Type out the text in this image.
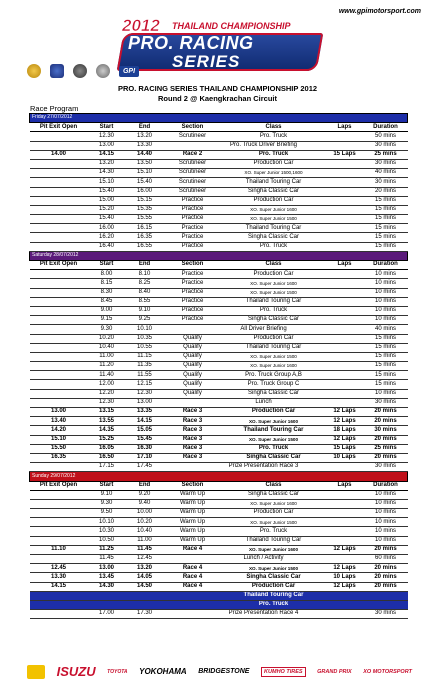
www.gpimotorsport.com
2012 THAILAND CHAMPIONSHIP
PRO. RACING
SERIES
GPI
PRO. RACING SERIES THAILAND CHAMPIONSHIP 2012
Round 2 @ Kaengkrachan Circuit
Race Program
Friday 27/07/2012						
Pit Exit Open	Start	End	Section	Class	Laps	Duration
	12.30	13.20	Scrutineer	Pro. Truck		50 mins
	13.00	13.30	Pro. Truck Driver Briefing			30 mins
14.00	14.15	14.40	Race 2	Pro. Truck	15 Laps	25 mins
	13.20	13.50	Scrutineer	Production Car		30 mins
	14.30	15.10	Scrutineer	XO. Super Junior 1500,1600		40 mins
	15.10	15.40	Scrutineer	Thailand Touring Car		30 mins
	15.40	16.00	Scrutineer	Singha Classic Car		20 mins
	15.00	15.15	Practice	Production Car		15 mins
	15.20	15.35	Practice	XO. Super Junior 1600		15 mins
	15.40	15.55	Practice	XO. Super Junior 1500		15 mins
	16.00	16.15	Practice	Thailand Touring Car		15 mins
	16.20	16.35	Practice	Singha Classic Car		15 mins
	16.40	16.55	Practice	Pro. Truck		15 mins
Saturday 28/07/2012						
Pit Exit Open	Start	End	Section	Class	Laps	Duration
	8.00	8.10	Practice	Production Car		10 mins
	8.15	8.25	Practice	XO. Super Junior 1600		10 mins
	8.30	8.40	Practice	XO. Super Junior 1500		10 mins
	8.45	8.55	Practice	Thailand Touring Car		10 mins
	9.00	9.10	Practice	Pro. Truck		10 mins
	9.15	9.25	Practice	Singha Classic Car		10 mins
	9.30	10.10	All Driver Briefing			40 mins
	10.20	10.35	Qualify	Production Car		15 mins
	10.40	10.55	Qualify	Thailand Touring Car		15 mins
	11.00	11.15	Qualify	XO. Super Junior 1500		15 mins
	11.20	11.35	Qualify	XO. Super Junior 1600		15 mins
	11.40	11.55	Qualify	Pro. Truck Group A,B		15 mins
	12.00	12.15	Qualify	Pro. Truck Group C		15 mins
	12.20	12.30	Qualify	Singha Classic Car		10 mins
	12.30	13.00	Lunch			30 mins
13.00	13.15	13.35	Race 3	Production Car	12 Laps	20 mins
13.40	13.55	14.15	Race 3	XO. Super Junior 1600	12 Laps	20 mins
14.20	14.35	15.05	Race 3	Thailand Touring Car	18 Laps	30 mins
15.10	15.25	15.45	Race 3	XO. Super Junior 1500	12 Laps	20 mins
15.50	16.05	16.30	Race 3	Pro. Truck	15 Laps	25 mins
16.35	16.50	17.10	Race 3	Singha Classic Car	10 Laps	20 mins
	17.15	17.45	Prize Presentation Race 3			30 mins
Sunday 29/07/2012						
Pit Exit Open	Start	End	Section	Class	Laps	Duration
	9.10	9.20	Warm Up	Singha Classic Car		10 mins
	9.30	9.40	Warm Up	XO. Super Junior 1600		10 mins
	9.50	10.00	Warm Up	Production Car		10 mins
	10.10	10.20	Warm Up	XO. Super Junior 1500		10 mins
	10.30	10.40	Warm Up	Pro. Truck		10 mins
	10.50	11.00	Warm Up	Thailand Touring Car		10 mins
11.10	11.25	11.45	Race 4	XO. Super Junior 1600	12 Laps	20 mins
	11.45	12.45	Lunch / Activity			60 mins
12.45	13.00	13.20	Race 4	XO. Super Junior 1500	12 Laps	20 mins
13.30	13.45	14.05	Race 4	Singha Classic Car	10 Laps	20 mins
14.15	14.30	14.50	Race 4	Production Car	12 Laps	20 mins
				Thailand Touring Car		
				Pro. Truck		
	17.00	17.30	Prize Presentation Race 4			30 mins
ISUZU TOYOTA YOKOHAMA BRIDGESTONE	KUMHO TIRES	GRAND PRIX XO MOTORSPORT
